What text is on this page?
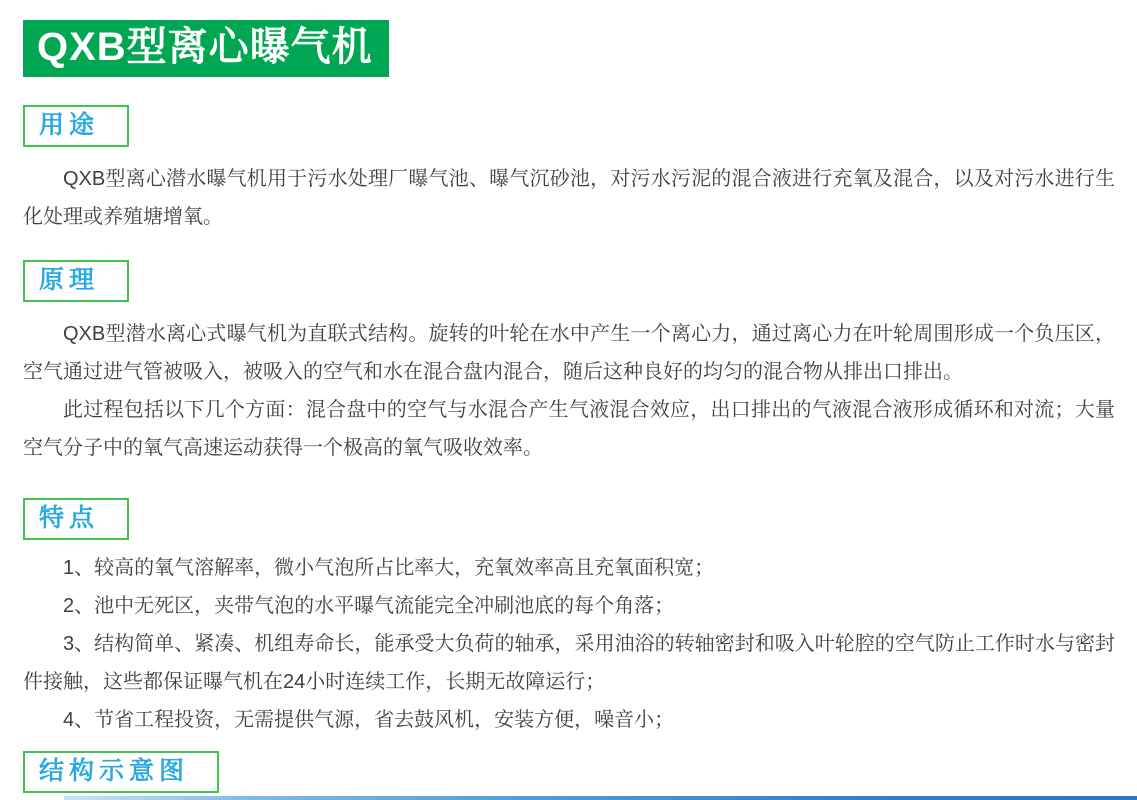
QXB型离心曝气机
用途

QXB型离心潜水曝气机用于污水处理厂曝气池、曝气沉砂池，对污水污泥的混合液进行充氧及混合，以及对污水进行生化处理或养殖塘增氧。

原理

QXB型潜水离心式曝气机为直联式结构。旋转的叶轮在水中产生一个离心力，通过离心力在叶轮周围形成一个负压区，空气通过进气管被吸入，被吸入的空气和水在混合盘内混合，随后这种良好的均匀的混合物从排出口排出。

此过程包括以下几个方面：混合盘中的空气与水混合产生气液混合效应，出口排出的气液混合液形成循环和对流；大量空气分子中的氧气高速运动获得一个极高的氧气吸收效率。

特点

1、较高的氧气溶解率，微小气泡所占比率大，充氧效率高且充氧面积宽；

2、池中无死区，夹带气泡的水平曝气流能完全冲刷池底的每个角落；

3、结构简单、紧凑、机组寿命长，能承受大负荷的轴承，采用油浴的转轴密封和吸入叶轮腔的空气防止工作时水与密封件接触，这些都保证曝气机在24小时连续工作，长期无故障运行；

4、节省工程投资，无需提供气源，省去鼓风机，安装方便，噪音小；

结构示意图
